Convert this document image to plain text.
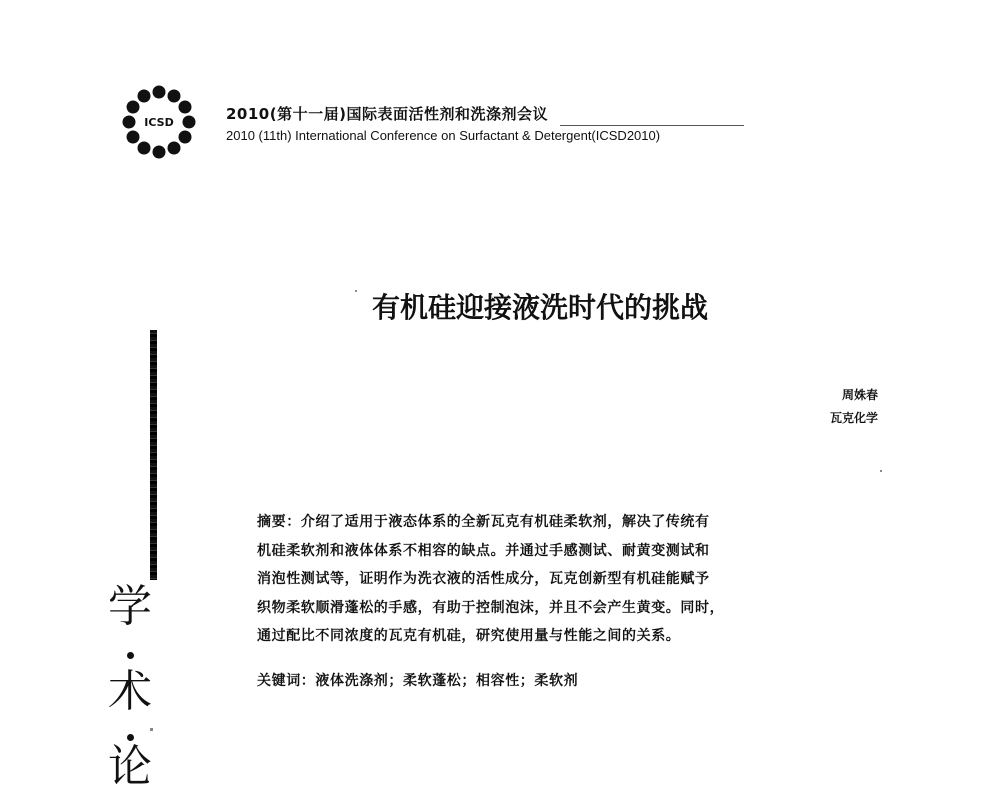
ICSD	2010(第十一届)国际表面活性剂和洗涤剂会议
2010 (11th) International Conference on Surfactant & Detergent(ICSD2010)
有机硅迎接液洗时代的挑战
周姝春
瓦克化学
学
术
论
摘要：介绍了适用于液态体系的全新瓦克有机硅柔软剂，解决了传统有
机硅柔软剂和液体体系不相容的缺点。并通过手感测试、耐黄变测试和
消泡性测试等，证明作为洗衣液的活性成分，瓦克创新型有机硅能赋予
织物柔软顺滑蓬松的手感，有助于控制泡沫，并且不会产生黄变。同时，
通过配比不同浓度的瓦克有机硅，研究使用量与性能之间的关系。
关键词：液体洗涤剂；柔软蓬松；相容性；柔软剂
